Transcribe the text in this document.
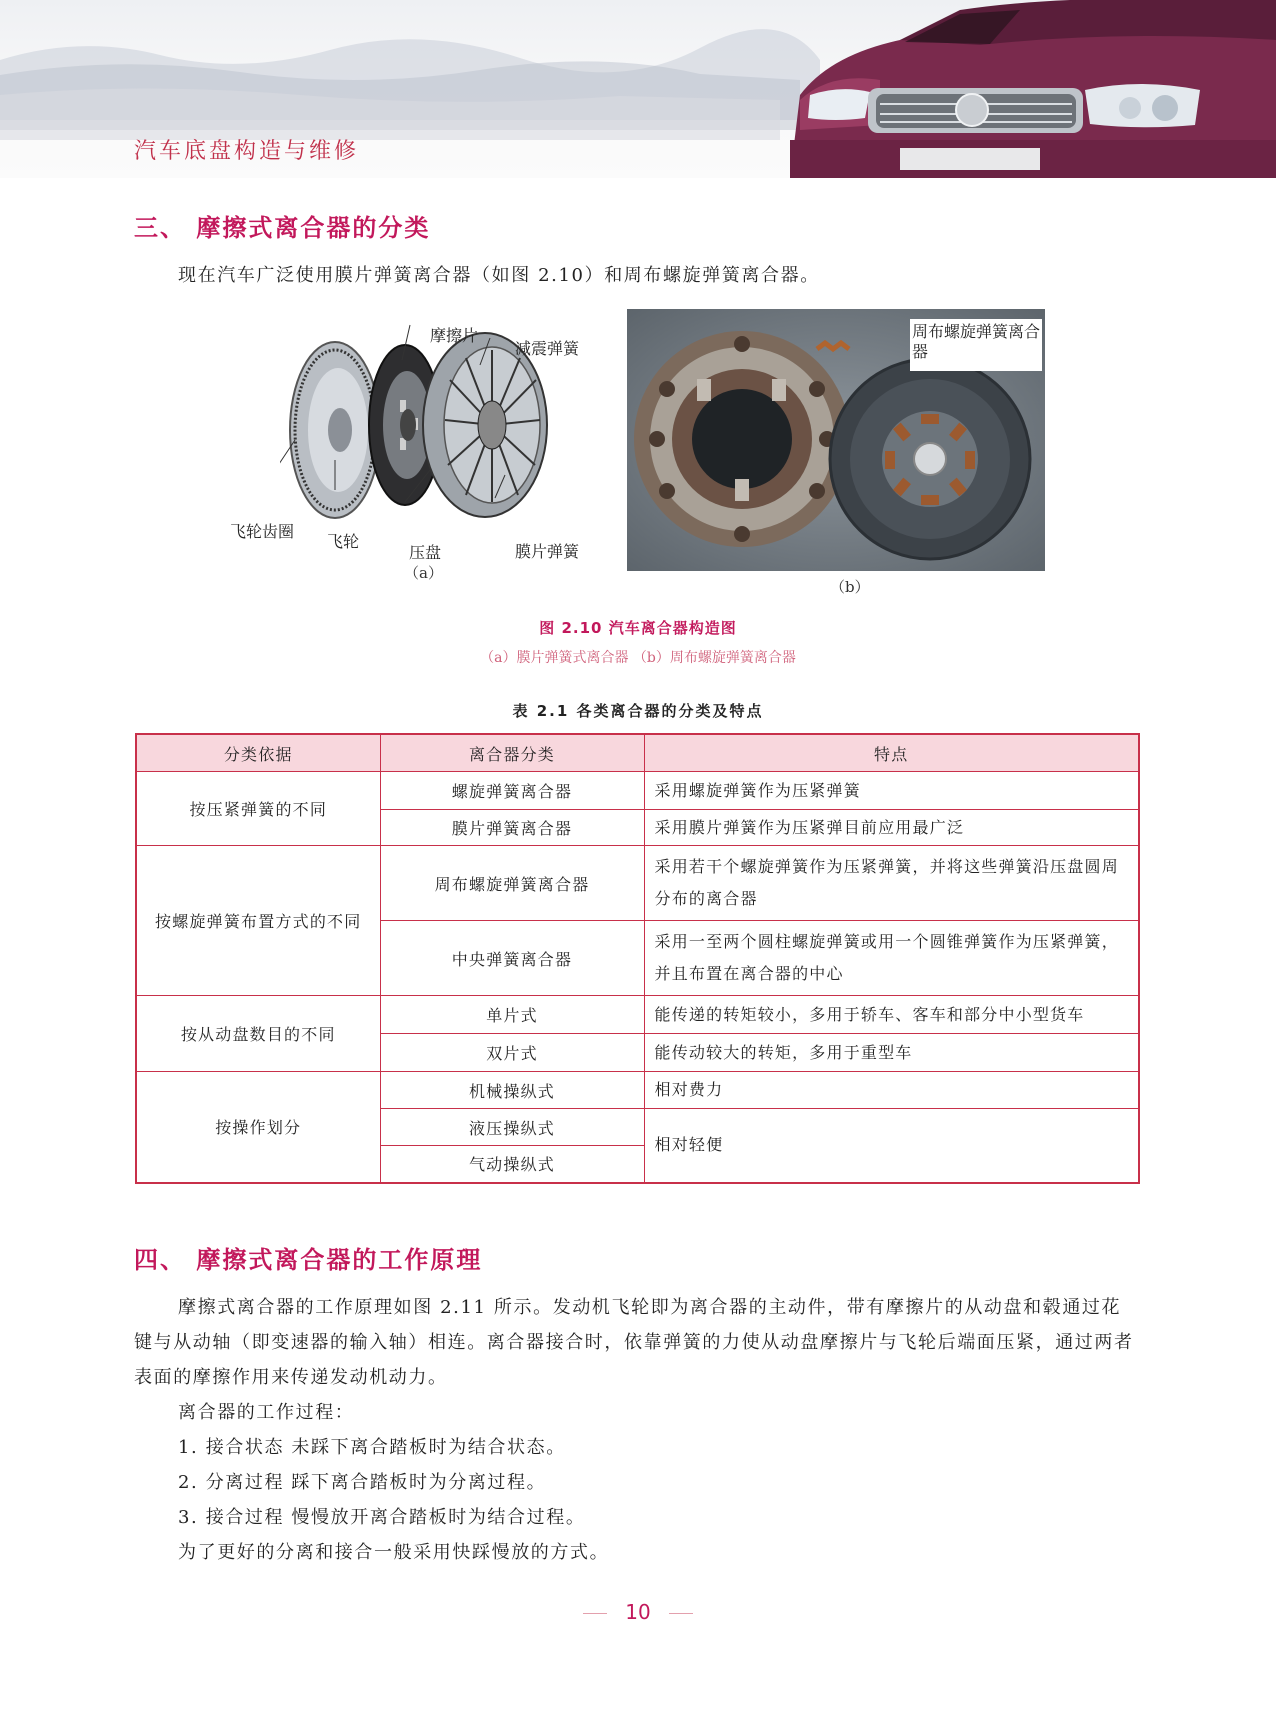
汽车底盘构造与维修
三、 摩擦式离合器的分类

现在汽车广泛使用膜片弹簧离合器（如图 2.10）和周布螺旋弹簧离合器。

摩擦片
减震弹簧
飞轮齿圈
飞轮
压盘	膜片弹簧
（a）
周布螺旋弹簧离合
器
（b）
图 2.10 汽车离合器构造图
（a）膜片弹簧式离合器 （b）周布螺旋弹簧离合器
表 2.1 各类离合器的分类及特点
分类依据	离合器分类	特点
按压紧弹簧的不同	螺旋弹簧离合器	采用螺旋弹簧作为压紧弹簧
	膜片弹簧离合器	采用膜片弹簧作为压紧弹目前应用最广泛
按螺旋弹簧布置方式的不同	周布螺旋弹簧离合器	采用若干个螺旋弹簧作为压紧弹簧，并将这些弹簧沿压盘圆周分布的离合器
	中央弹簧离合器	采用一至两个圆柱螺旋弹簧或用一个圆锥弹簧作为压紧弹簧，并且布置在离合器的中心
按从动盘数目的不同	单片式	能传递的转矩较小，多用于轿车、客车和部分中小型货车
	双片式	能传动较大的转矩，多用于重型车
按操作划分	机械操纵式	相对费力
	液压操纵式	相对轻便
	气动操纵式	
四、 摩擦式离合器的工作原理

摩擦式离合器的工作原理如图 2.11 所示。发动机飞轮即为离合器的主动件，带有摩擦片的从动盘和毂通过花键与从动轴（即变速器的输入轴）相连。离合器接合时，依靠弹簧的力使从动盘摩擦片与飞轮后端面压紧，通过两者表面的摩擦作用来传递发动机动力。

离合器的工作过程：

1. 接合状态 未踩下离合踏板时为结合状态。

2. 分离过程 踩下离合踏板时为分离过程。

3. 接合过程 慢慢放开离合踏板时为结合过程。

为了更好的分离和接合一般采用快踩慢放的方式。

10
